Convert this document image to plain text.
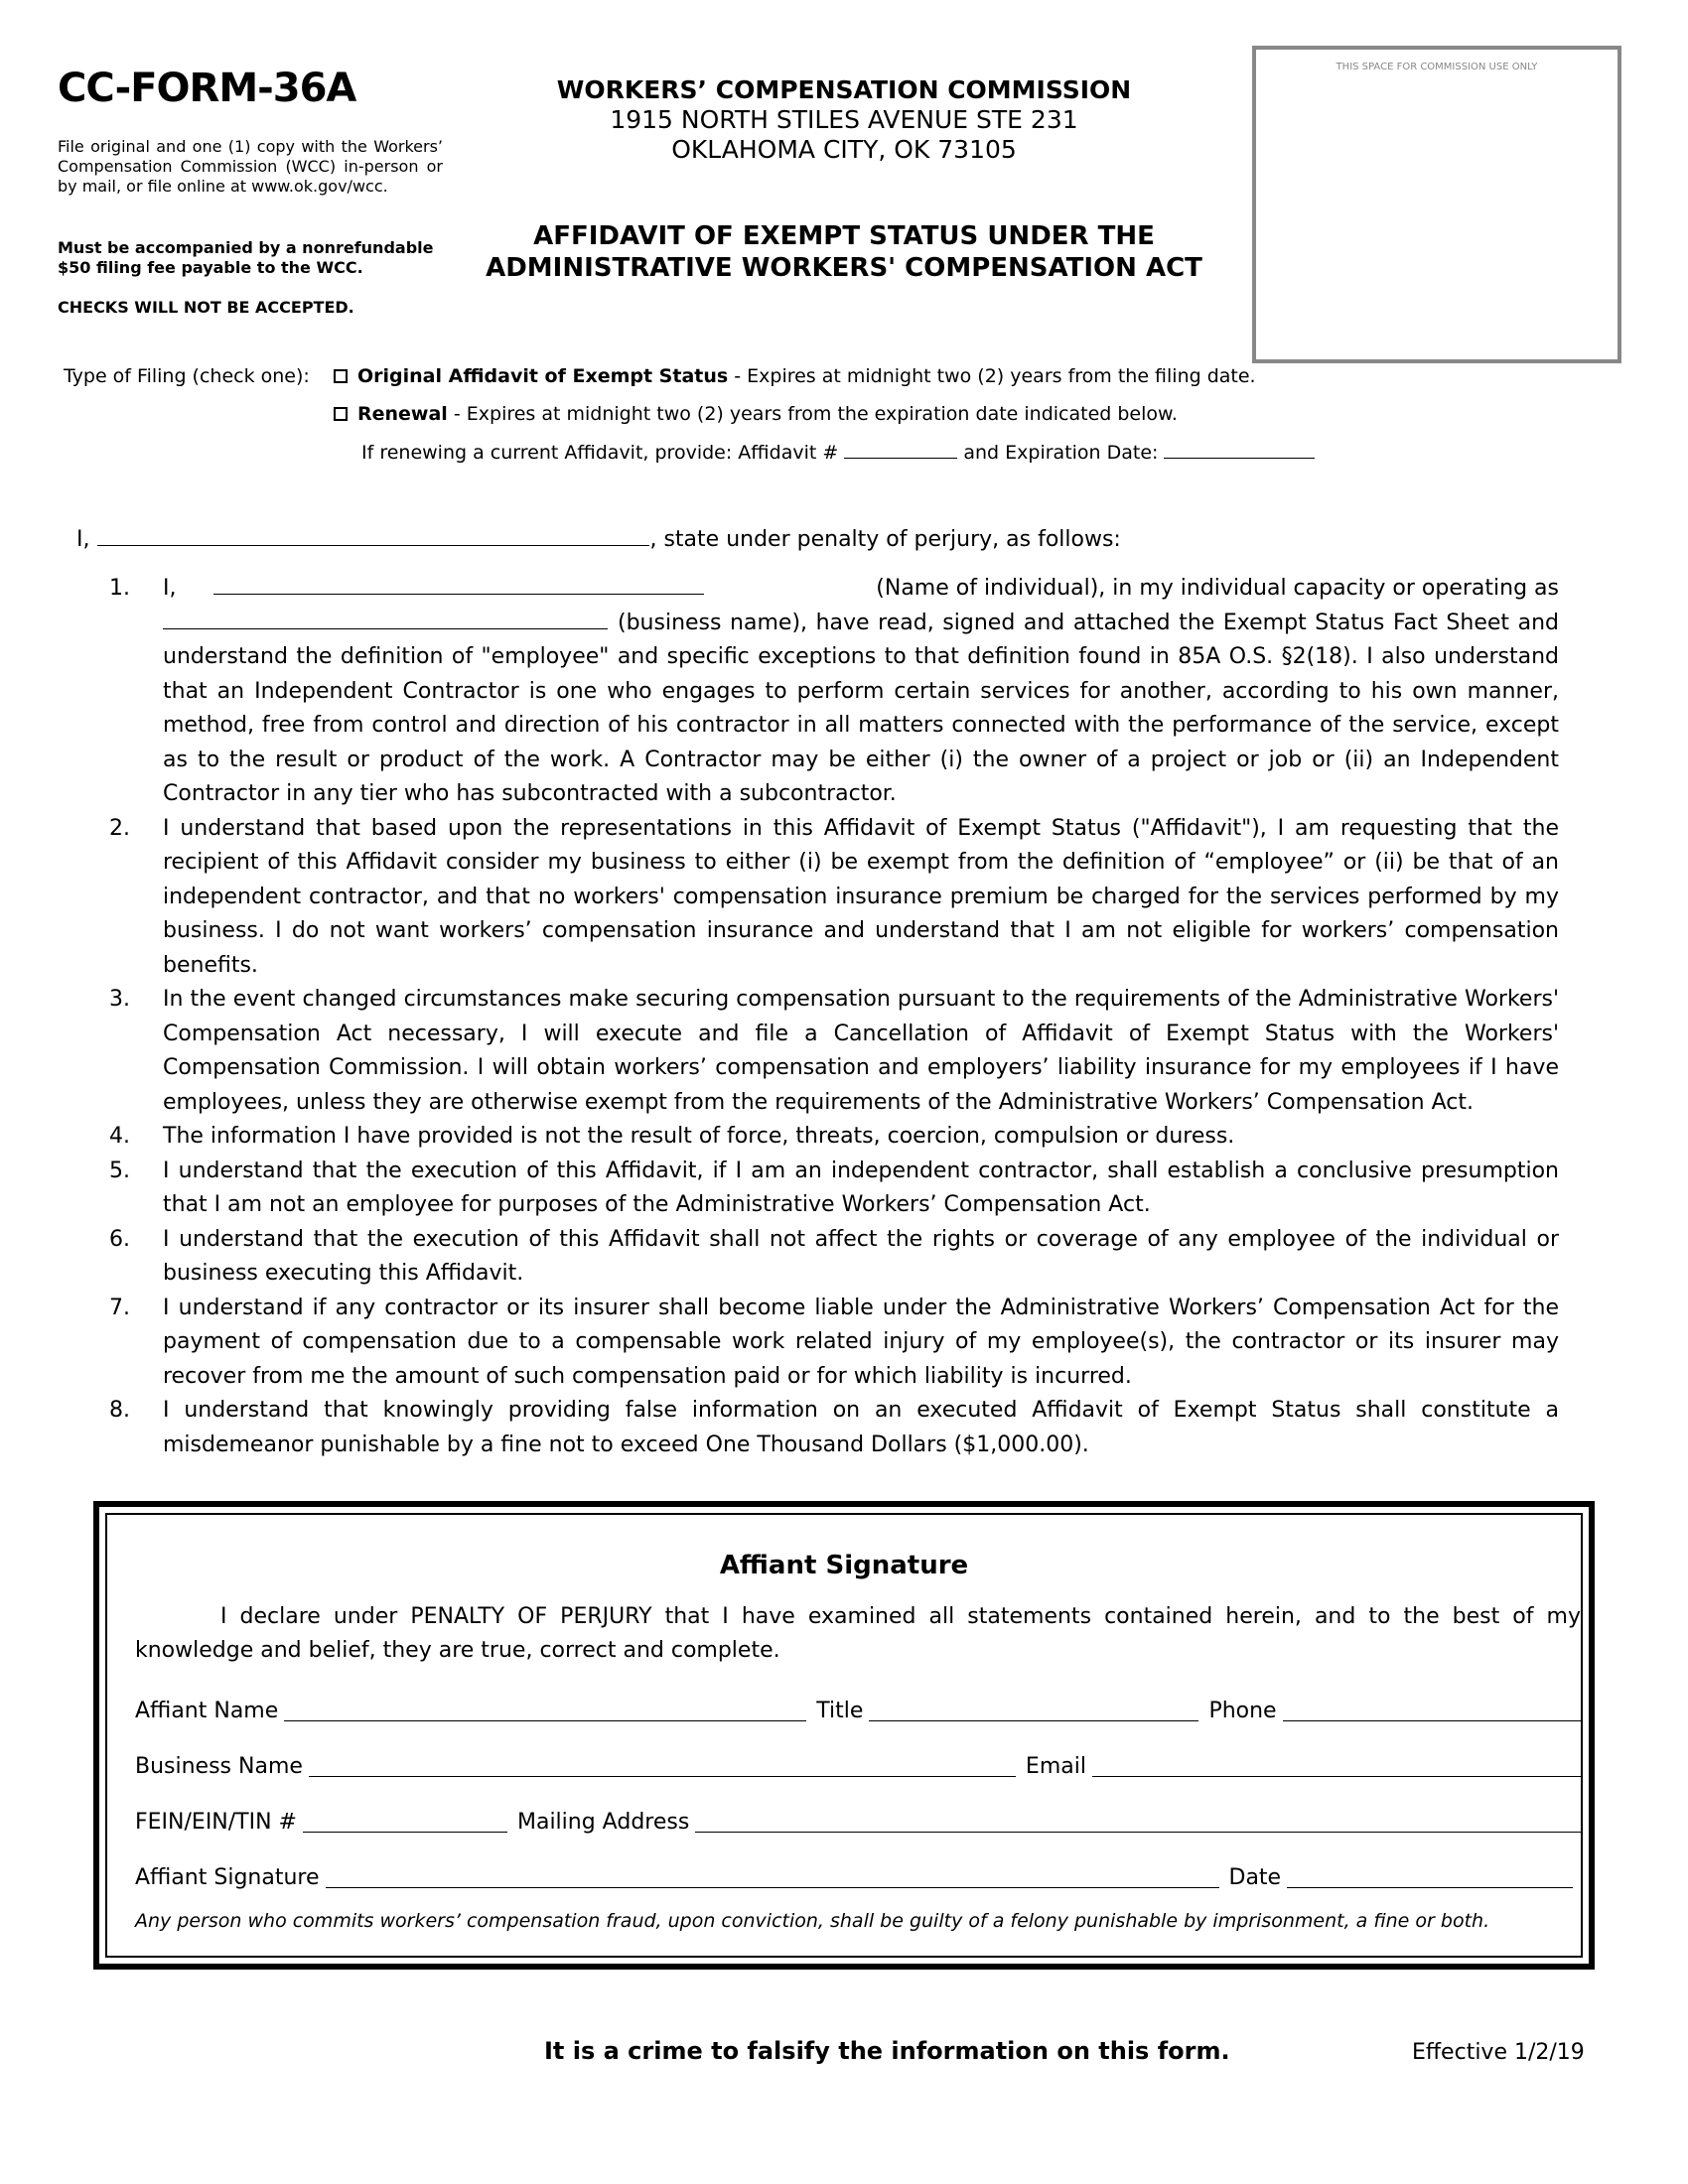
CC-FORM-36A
File original and one (1) copy with the Workers’ Compensation Commission (WCC) in-person or by mail, or file online at www.ok.gov/wcc.
Must be accompanied by a nonrefundable $50 filing fee payable to the WCC.
CHECKS WILL NOT BE ACCEPTED.
WORKERS’ COMPENSATION COMMISSION
1915 NORTH STILES AVENUE STE 231
OKLAHOMA CITY, OK 73105
AFFIDAVIT OF EXEMPT STATUS UNDER THE
ADMINISTRATIVE WORKERS' COMPENSATION ACT
THIS SPACE FOR COMMISSION USE ONLY
Type of Filing (check one):	Original Affidavit of Exempt Status - Expires at midnight two (2) years from the filing date.
Renewal - Expires at midnight two (2) years from the expiration date indicated below.
If renewing a current Affidavit, provide: Affidavit #	and Expiration Date:
I,	, state under penalty of perjury, as follows:
1. I,	(Name of individual), in my individual capacity or operating as
(business name), have read, signed and attached the Exempt Status Fact Sheet and understand the definition of "employee" and specific exceptions to that definition found in 85A O.S. §2(18). I also understand that an Independent Contractor is one who engages to perform certain services for another, according to his own manner, method, free from control and direction of his contractor in all matters connected with the performance of the service, except as to the result or product of the work. A Contractor may be either (i) the owner of a project or job or (ii) an Independent Contractor in any tier who has subcontracted with a subcontractor.
2. I understand that based upon the representations in this Affidavit of Exempt Status ("Affidavit"), I am requesting that the recipient of this Affidavit consider my business to either (i) be exempt from the definition of “employee” or (ii) be that of an independent contractor, and that no workers' compensation insurance premium be charged for the services performed by my business. I do not want workers’ compensation insurance and understand that I am not eligible for workers’ compensation benefits.
3. In the event changed circumstances make securing compensation pursuant to the requirements of the Administrative Workers' Compensation Act necessary, I will execute and file a Cancellation of Affidavit of Exempt Status with the Workers' Compensation Commission. I will obtain workers’ compensation and employers’ liability insurance for my employees if I have employees, unless they are otherwise exempt from the requirements of the Administrative Workers’ Compensation Act.
4. The information I have provided is not the result of force, threats, coercion, compulsion or duress.
5. I understand that the execution of this Affidavit, if I am an independent contractor, shall establish a conclusive presumption that I am not an employee for purposes of the Administrative Workers’ Compensation Act.
6. I understand that the execution of this Affidavit shall not affect the rights or coverage of any employee of the individual or business executing this Affidavit.
7. I understand if any contractor or its insurer shall become liable under the Administrative Workers’ Compensation Act for the payment of compensation due to a compensable work related injury of my employee(s), the contractor or its insurer may recover from me the amount of such compensation paid or for which liability is incurred.
8. I understand that knowingly providing false information on an executed Affidavit of Exempt Status shall constitute a misdemeanor punishable by a fine not to exceed One Thousand Dollars ($1,000.00).
Affiant Signature
I declare under PENALTY OF PERJURY that I have examined all statements contained herein, and to the best of my knowledge and belief, they are true, correct and complete.
Affiant Name	Title	Phone
Business Name	Email
FEIN/EIN/TIN #	Mailing Address
Affiant Signature	Date
Any person who commits workers’ compensation fraud, upon conviction, shall be guilty of a felony punishable by imprisonment, a fine or both.
It is a crime to falsify the information on this form.	Effective 1/2/19
